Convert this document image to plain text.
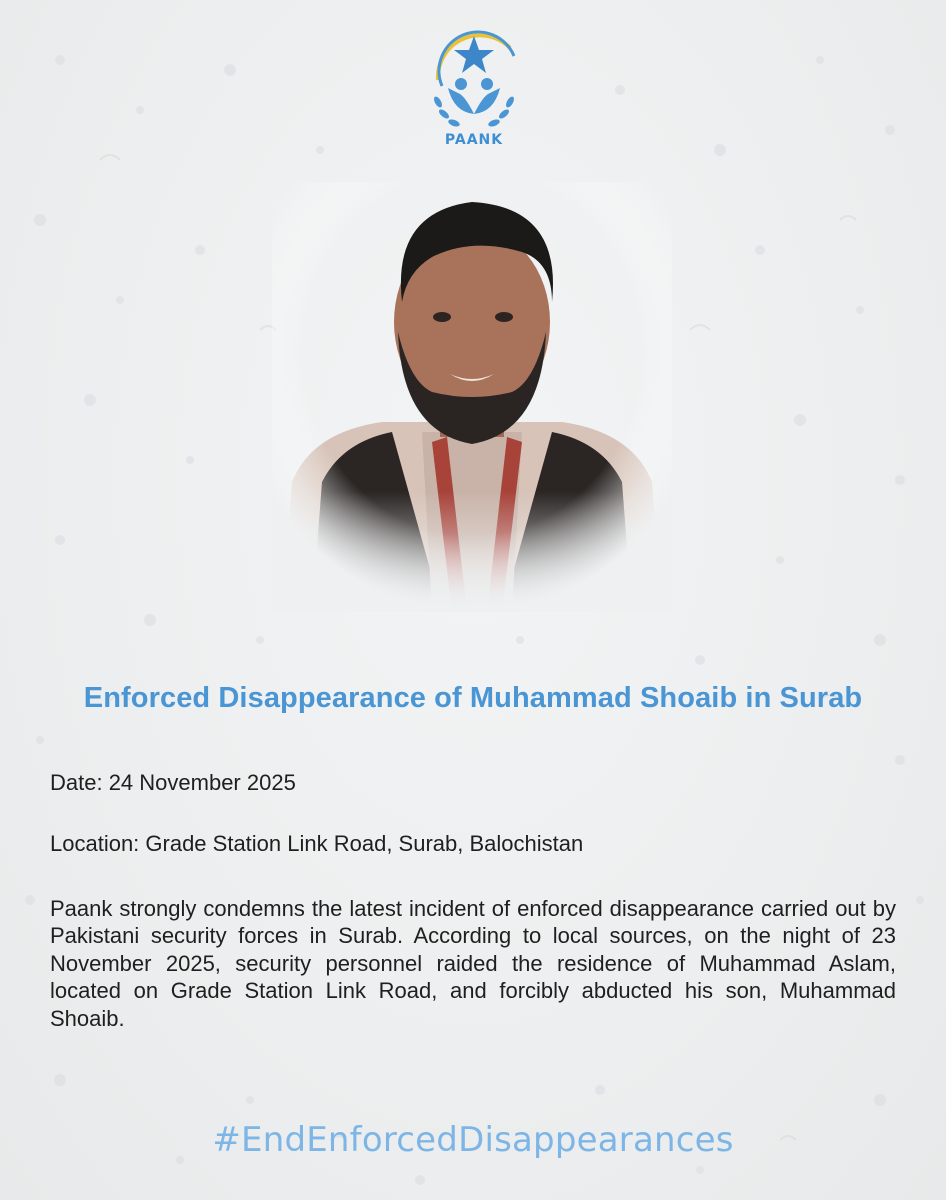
PAANK
Enforced Disappearance of Muhammad Shoaib in Surab
Date: 24 November 2025
Location: Grade Station Link Road, Surab, Balochistan
Paank strongly condemns the latest incident of enforced disappearance carried out by Pakistani security forces in Surab. According to local sources, on the night of 23 November 2025, security personnel raided the residence of Muhammad Aslam, located on Grade Station Link Road, and forcibly abducted his son, Muhammad Shoaib.
#EndEnforcedDisappearances
